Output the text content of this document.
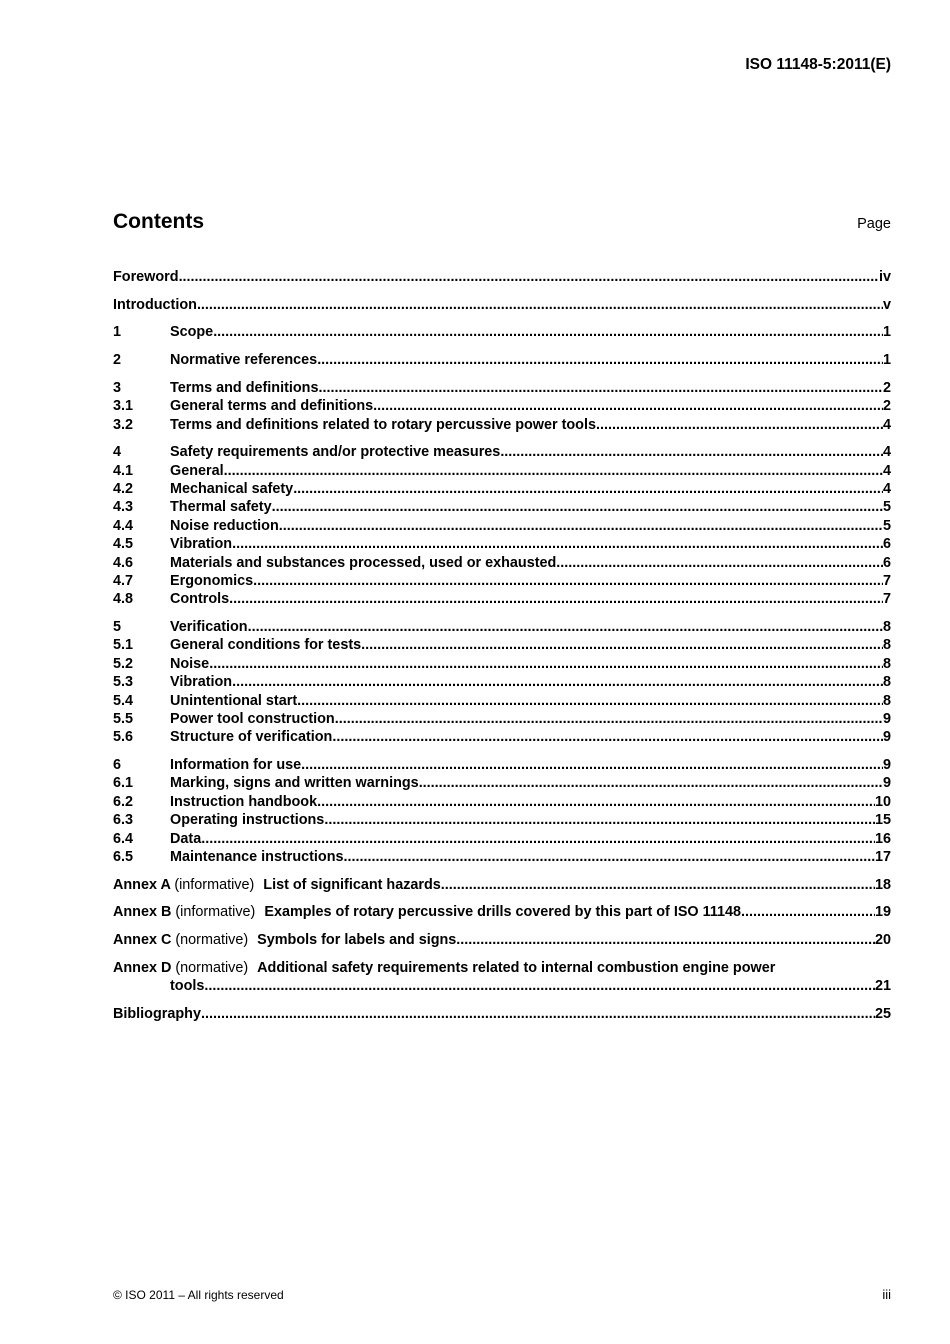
ISO 11148-5:2011(E)
Contents	Page
Foreword .....	iv
Introduction .....	v
1	Scope .....	1
2	Normative references .....	1
3	Terms and definitions .....	2
3.1	General terms and definitions .....	2
3.2	Terms and definitions related to rotary percussive power tools .....	4
4	Safety requirements and/or protective measures .....	4
4.1	General .....	4
4.2	Mechanical safety .....	4
4.3	Thermal safety .....	5
4.4	Noise reduction .....	5
4.5	Vibration .....	6
4.6	Materials and substances processed, used or exhausted .....	6
4.7	Ergonomics .....	7
4.8	Controls .....	7
5	Verification .....	8
5.1	General conditions for tests .....	8
5.2	Noise .....	8
5.3	Vibration .....	8
5.4	Unintentional start .....	8
5.5	Power tool construction .....	9
5.6	Structure of verification .....	9
6	Information for use .....	9
6.1	Marking, signs and written warnings .....	9
6.2	Instruction handbook .....	10
6.3	Operating instructions .....	15
6.4	Data .....	16
6.5	Maintenance instructions .....	17
Annex A (informative) List of significant hazards .....	18
Annex B (informative) Examples of rotary percussive drills covered by this part of ISO 11148 .....	19
Annex C (normative) Symbols for labels and signs .....	20
Annex D (normative) Additional safety requirements related to internal combustion engine power
tools .....	21
Bibliography .....	25
© ISO 2011 – All rights reserved	iii
